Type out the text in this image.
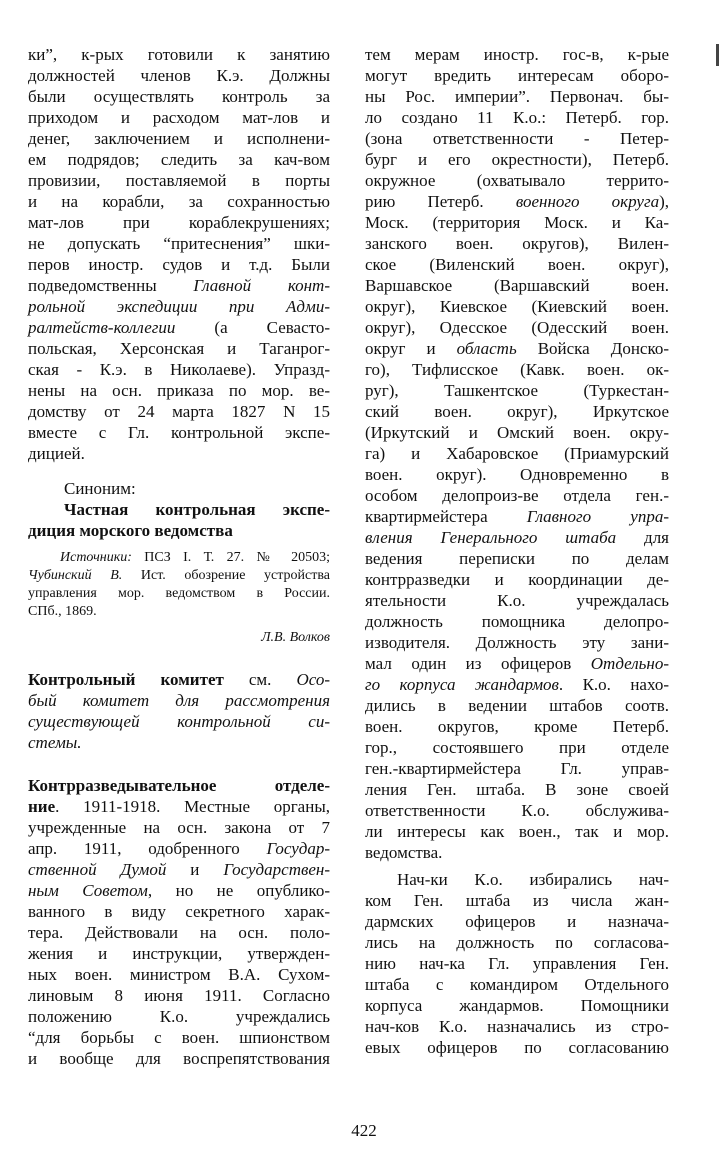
ки”, к-рых готовили к занятию
должностей членов К.э. Должны
были осуществлять контроль за
приходом и расходом мат-лов и
денег, заключением и исполнени-
ем подрядов; следить за кач-вом
провизии, поставляемой в порты
и на корабли, за сохранностью
мат-лов при кораблекрушениях;
не допускать “притеснения” шки-
перов иностр. судов и т.д. Были
подведомственны Главной конт-
рольной экспедиции при Адми-
ралтейств-коллегии (а Севасто-
польская, Херсонская и Таганрог-
ская - К.э. в Николаеве). Упразд-
нены на осн. приказа по мор. ве-
домству от 24 марта 1827 N 15
вместе с Гл. контрольной экспе-
дицией.
Синоним:
Частная контрольная экспе-
диция морского ведомства
Источники: ПСЗ I. Т. 27. № 20503;
Чубинский В. Ист. обозрение устройства
управления мор. ведомством в России.
СПб., 1869.
Л.В. Волков
Контрольный комитет см. Осо-
бый комитет для рассмотрения
существующей контрольной си-
стемы.
Контрразведывательное отделе-
ние. 1911-1918. Местные органы,
учрежденные на осн. закона от 7
апр. 1911, одобренного Государ-
ственной Думой и Государствен-
ным Советом, но не опублико-
ванного в виду секретного харак-
тера. Действовали на осн. поло-
жения и инструкции, утвержден-
ных воен. министром В.А. Сухом-
линовым 8 июня 1911. Согласно
положению К.о. учреждались
“для борьбы с воен. шпионством
и вообще для воспрепятствования
тем мерам иностр. гос-в, к-рые
могут вредить интересам оборо-
ны Рос. империи”. Первонач. бы-
ло создано 11 К.о.: Петерб. гор.
(зона ответственности - Петер-
бург и его окрестности), Петерб.
окружное (охватывало террито-
рию Петерб. военного округа),
Моск. (территория Моск. и Ка-
занского воен. округов), Вилен-
ское (Виленский воен. округ),
Варшавское (Варшавский воен.
округ), Киевское (Киевский воен.
округ), Одесское (Одесский воен.
округ и область Войска Донско-
го), Тифлисское (Кавк. воен. ок-
руг), Ташкентское (Туркестан-
ский воен. округ), Иркутское
(Иркутский и Омский воен. окру-
га) и Хабаровское (Приамурский
воен. округ). Одновременно в
особом делопроиз-ве отдела ген.-
квартирмейстера Главного упра-
вления Генерального штаба для
ведения переписки по делам
контрразведки и координации де-
ятельности К.о. учреждалась
должность помощника делопро-
изводителя. Должность эту зани-
мал один из офицеров Отдельно-
го корпуса жандармов. К.о. нахо-
дились в ведении штабов соотв.
воен. округов, кроме Петерб.
гор., состоявшего при отделе
ген.-квартирмейстера Гл. управ-
ления Ген. штаба. В зоне своей
ответственности К.о. обслужива-
ли интересы как воен., так и мор.
ведомства.
Нач-ки К.о. избирались нач-
ком Ген. штаба из числа жан-
дармских офицеров и назнача-
лись на должность по согласова-
нию нач-ка Гл. управления Ген.
штаба с командиром Отдельного
корпуса жандармов. Помощники
нач-ков К.о. назначались из стро-
евых офицеров по согласованию
422
